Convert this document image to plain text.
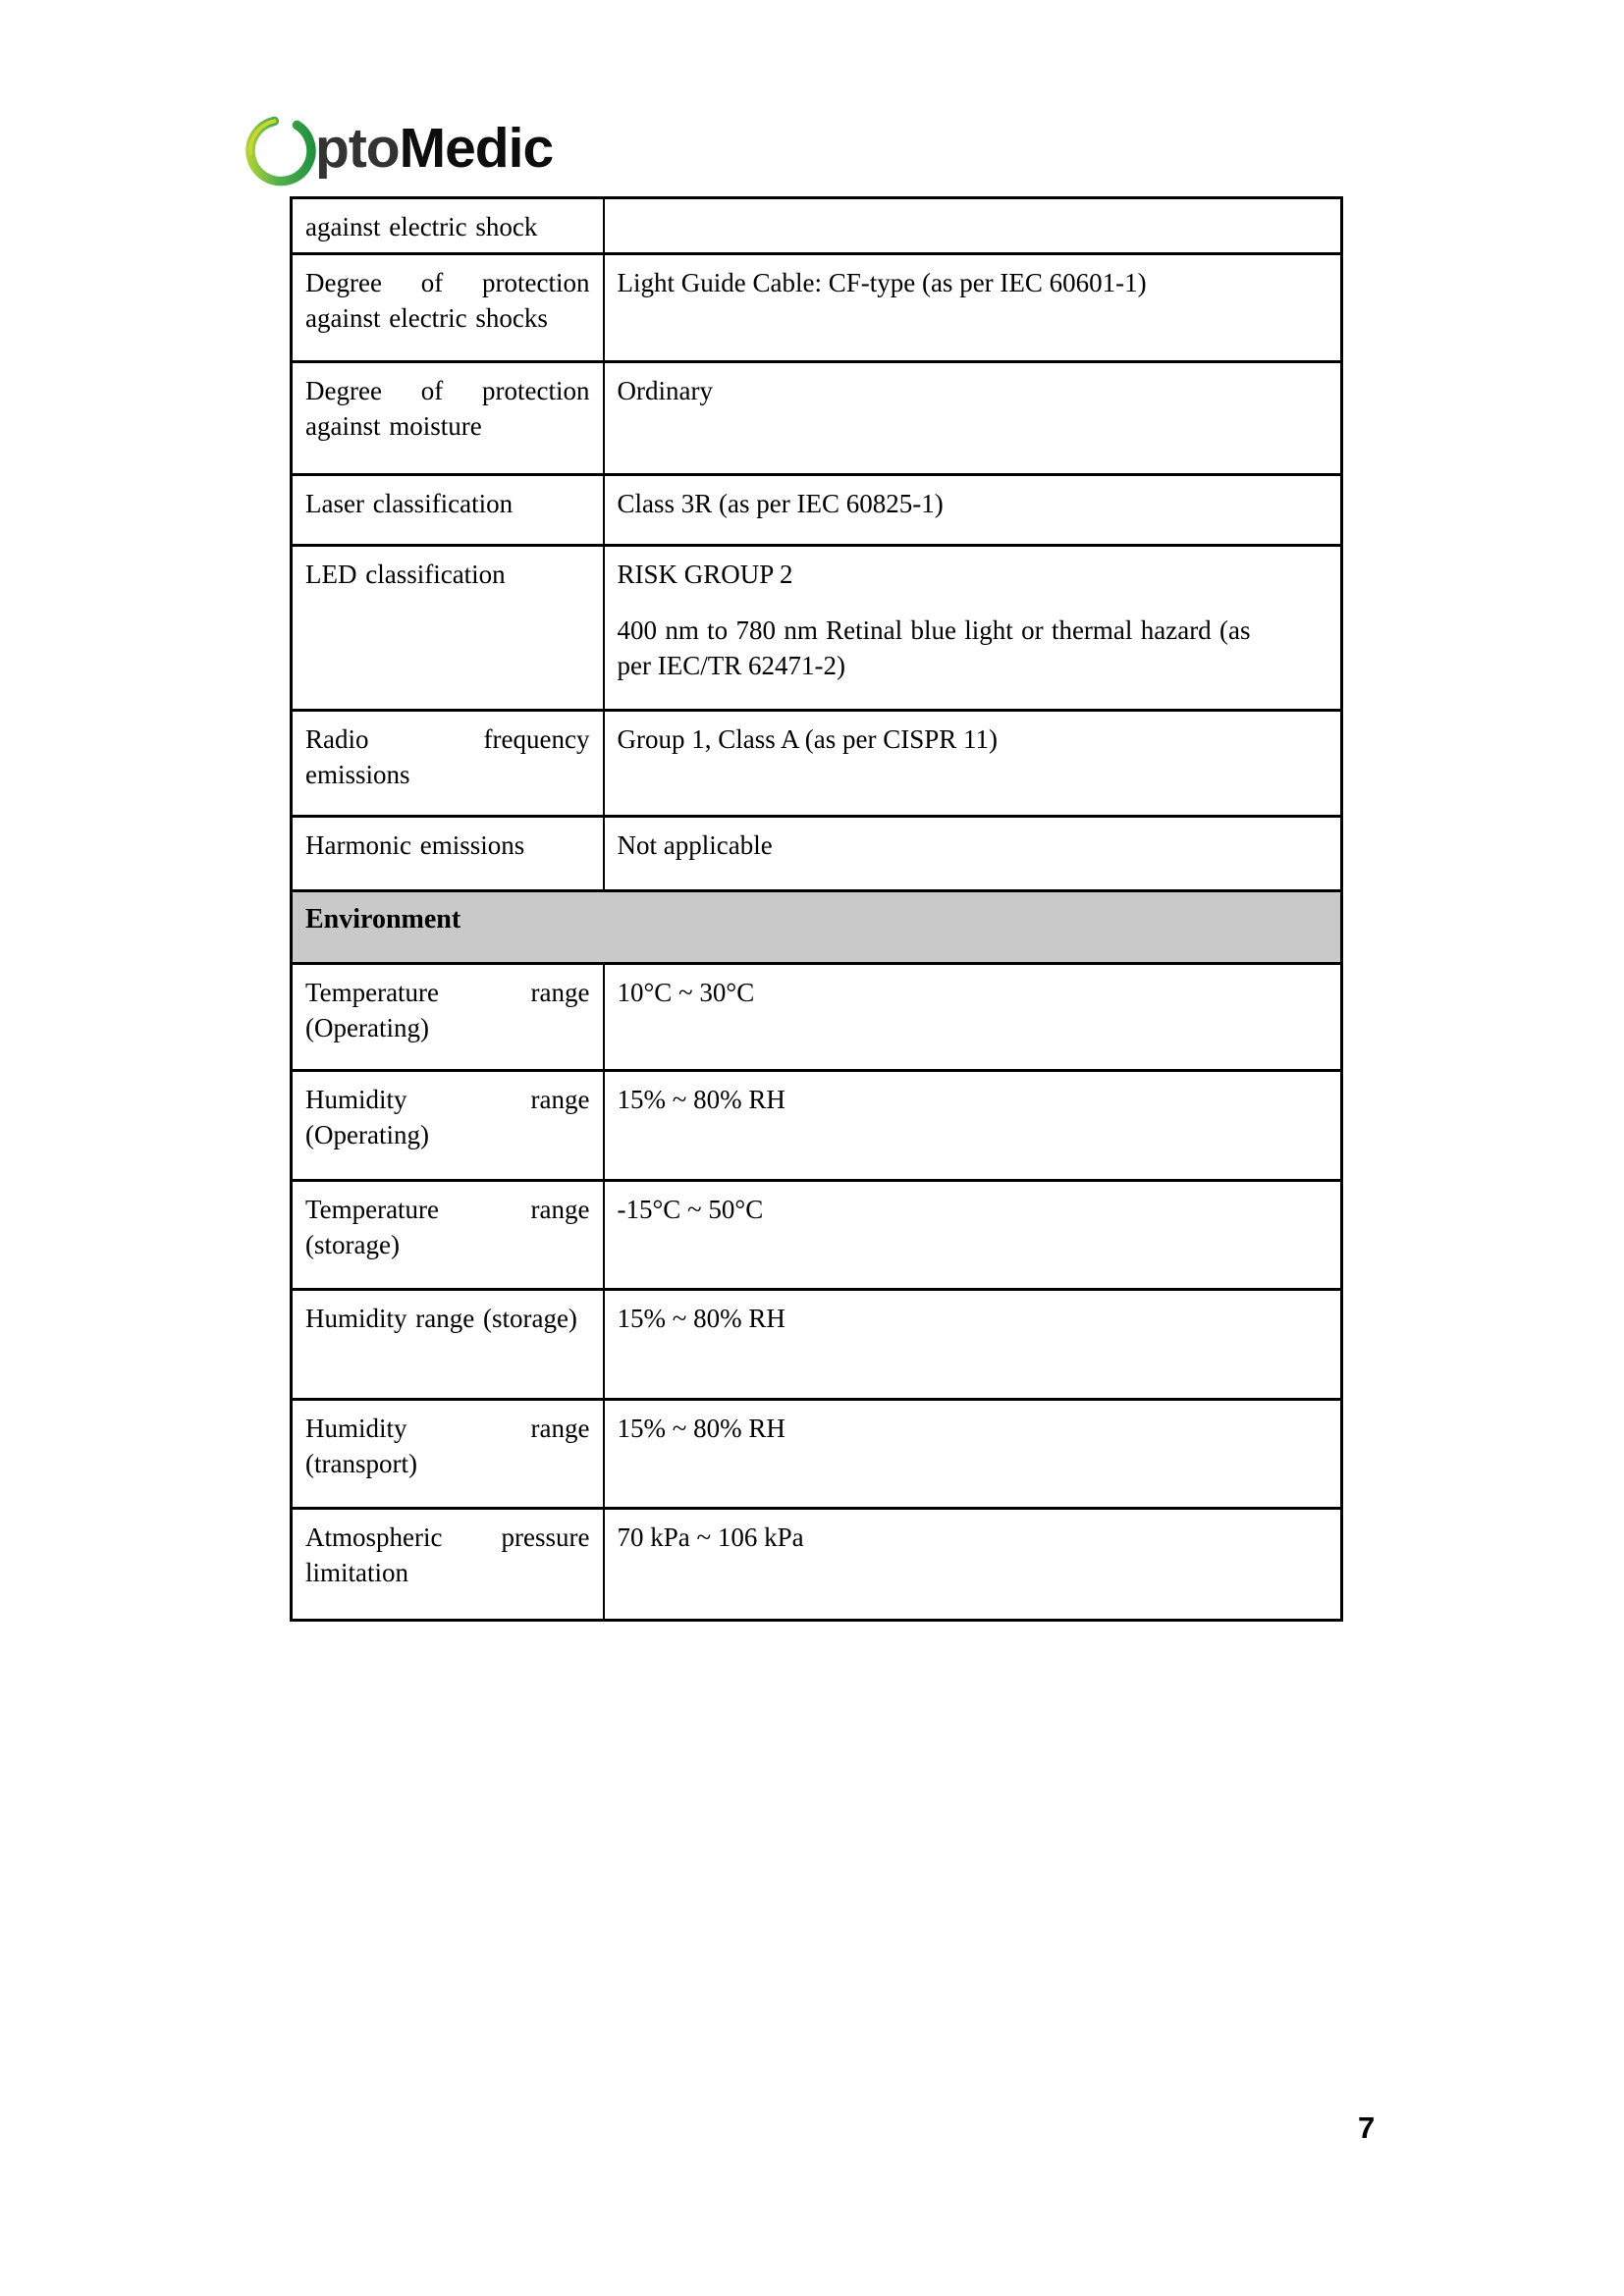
ptoMedic
against electric shock	
Degree of protection against electric shocks	Light Guide Cable: CF-type (as per IEC 60601-1)
Degree of protection against moisture	Ordinary
Laser classification	Class 3R (as per IEC 60825-1)
LED classification	RISK GROUP 2
400 nm to 780 nm Retinal blue light or thermal hazard (as per IEC/TR 62471-2)

Radio frequency emissions	Group 1, Class A (as per CISPR 11)
Harmonic emissions	Not applicable
Environment	
Temperature range (Operating)	10°C ~ 30°C
Humidity range (Operating)	15% ~ 80% RH
Temperature range (storage)	-15°C ~ 50°C
Humidity range (storage)	15% ~ 80% RH
Humidity range (transport)	15% ~ 80% RH
Atmospheric pressure limitation	70 kPa ~ 106 kPa
7
